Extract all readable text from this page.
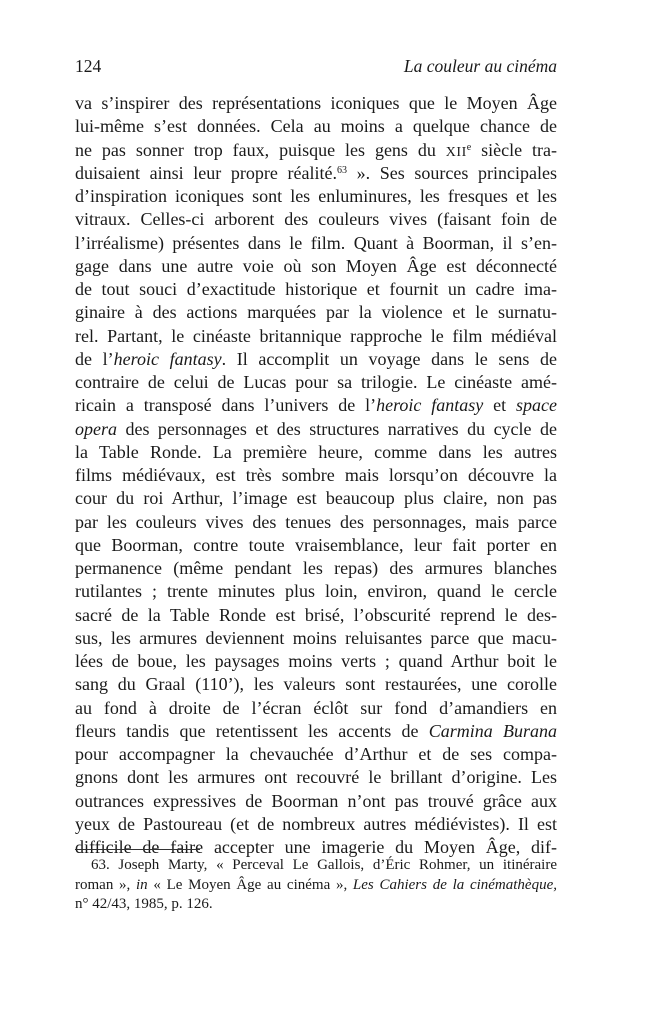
124	La couleur au cinéma
va s’inspirer des représentations iconiques que le Moyen Âge
lui-même s’est données. Cela au moins a quelque chance de
ne pas sonner trop faux, puisque les gens du XIIe siècle tra-
duisaient ainsi leur propre réalité.$^{63}$ ». Ses sources principales
d’inspiration iconiques sont les enluminures, les fresques et les
vitraux. Celles-ci arborent des couleurs vives (faisant foin de
l’irréalisme) présentes dans le film. Quant à Boorman, il s’en-
gage dans une autre voie où son Moyen Âge est déconnecté
de tout souci d’exactitude historique et fournit un cadre ima-
ginaire à des actions marquées par la violence et le surnatu-
rel. Partant, le cinéaste britannique rapproche le film médiéval
de l’heroic fantasy. Il accomplit un voyage dans le sens de
contraire de celui de Lucas pour sa trilogie. Le cinéaste amé-
ricain a transposé dans l’univers de l’heroic fantasy et space
opera des personnages et des structures narratives du cycle de
la Table Ronde. La première heure, comme dans les autres
films médiévaux, est très sombre mais lorsqu’on découvre la
cour du roi Arthur, l’image est beaucoup plus claire, non pas
par les couleurs vives des tenues des personnages, mais parce
que Boorman, contre toute vraisemblance, leur fait porter en
permanence (même pendant les repas) des armures blanches
rutilantes ; trente minutes plus loin, environ, quand le cercle
sacré de la Table Ronde est brisé, l’obscurité reprend le des-
sus, les armures deviennent moins reluisantes parce que macu-
lées de boue, les paysages moins verts ; quand Arthur boit le
sang du Graal (110’), les valeurs sont restaurées, une corolle
au fond à droite de l’écran éclôt sur fond d’amandiers en
fleurs tandis que retentissent les accents de Carmina Burana
pour accompagner la chevauchée d’Arthur et de ses compa-
gnons dont les armures ont recouvré le brillant d’origine. Les
outrances expressives de Boorman n’ont pas trouvé grâce aux
yeux de Pastoureau (et de nombreux autres médiévistes). Il est
difficile de faire accepter une imagerie du Moyen Âge, dif-
63. Joseph Marty, « Perceval Le Gallois, d’Éric Rohmer, un itinéraire
roman », in « Le Moyen Âge au cinéma », Les Cahiers de la cinémathèque,
n° 42/43, 1985, p. 126.
